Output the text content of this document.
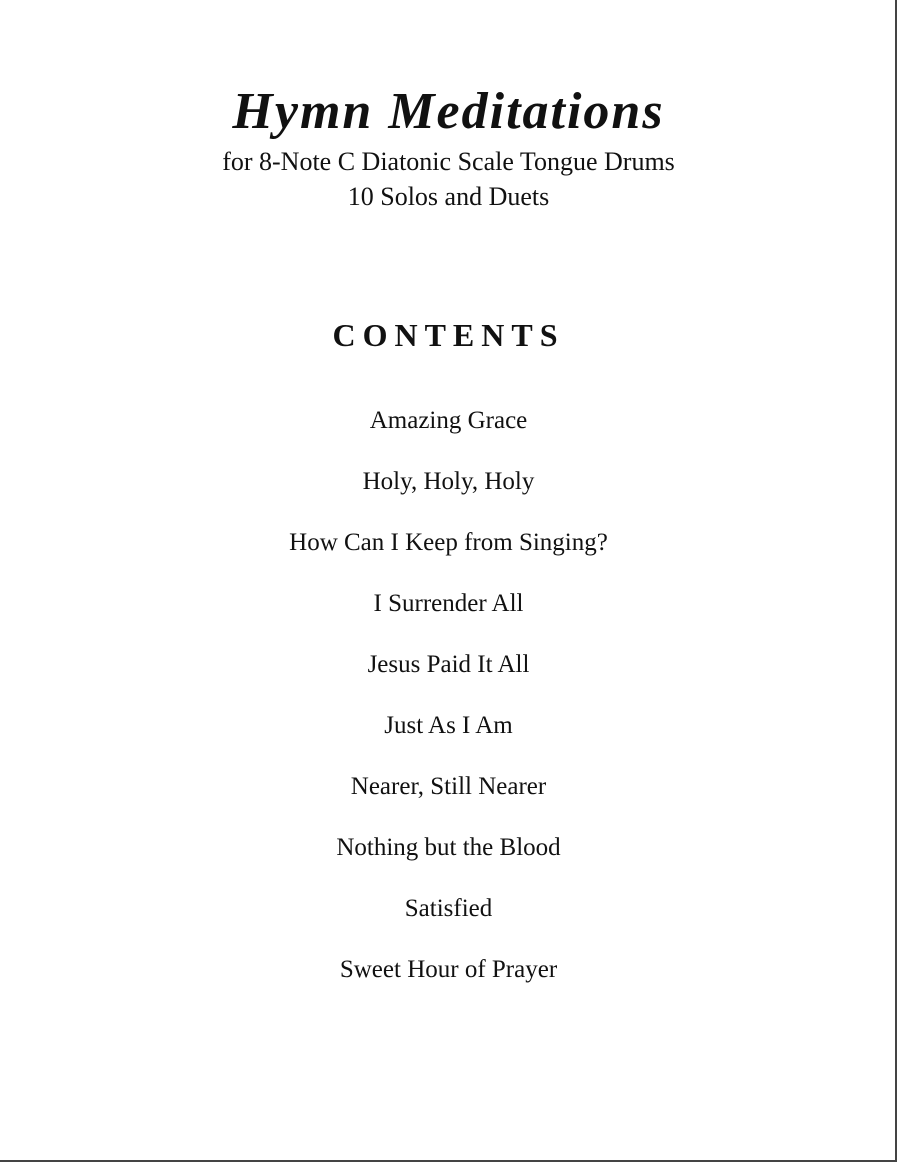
Hymn Meditations

for 8-Note C Diatonic Scale Tongue Drums

10 Solos and Duets

CONTENTS
Amazing Grace
Holy, Holy, Holy
How Can I Keep from Singing?
I Surrender All
Jesus Paid It All
Just As I Am
Nearer, Still Nearer
Nothing but the Blood
Satisfied
Sweet Hour of Prayer
